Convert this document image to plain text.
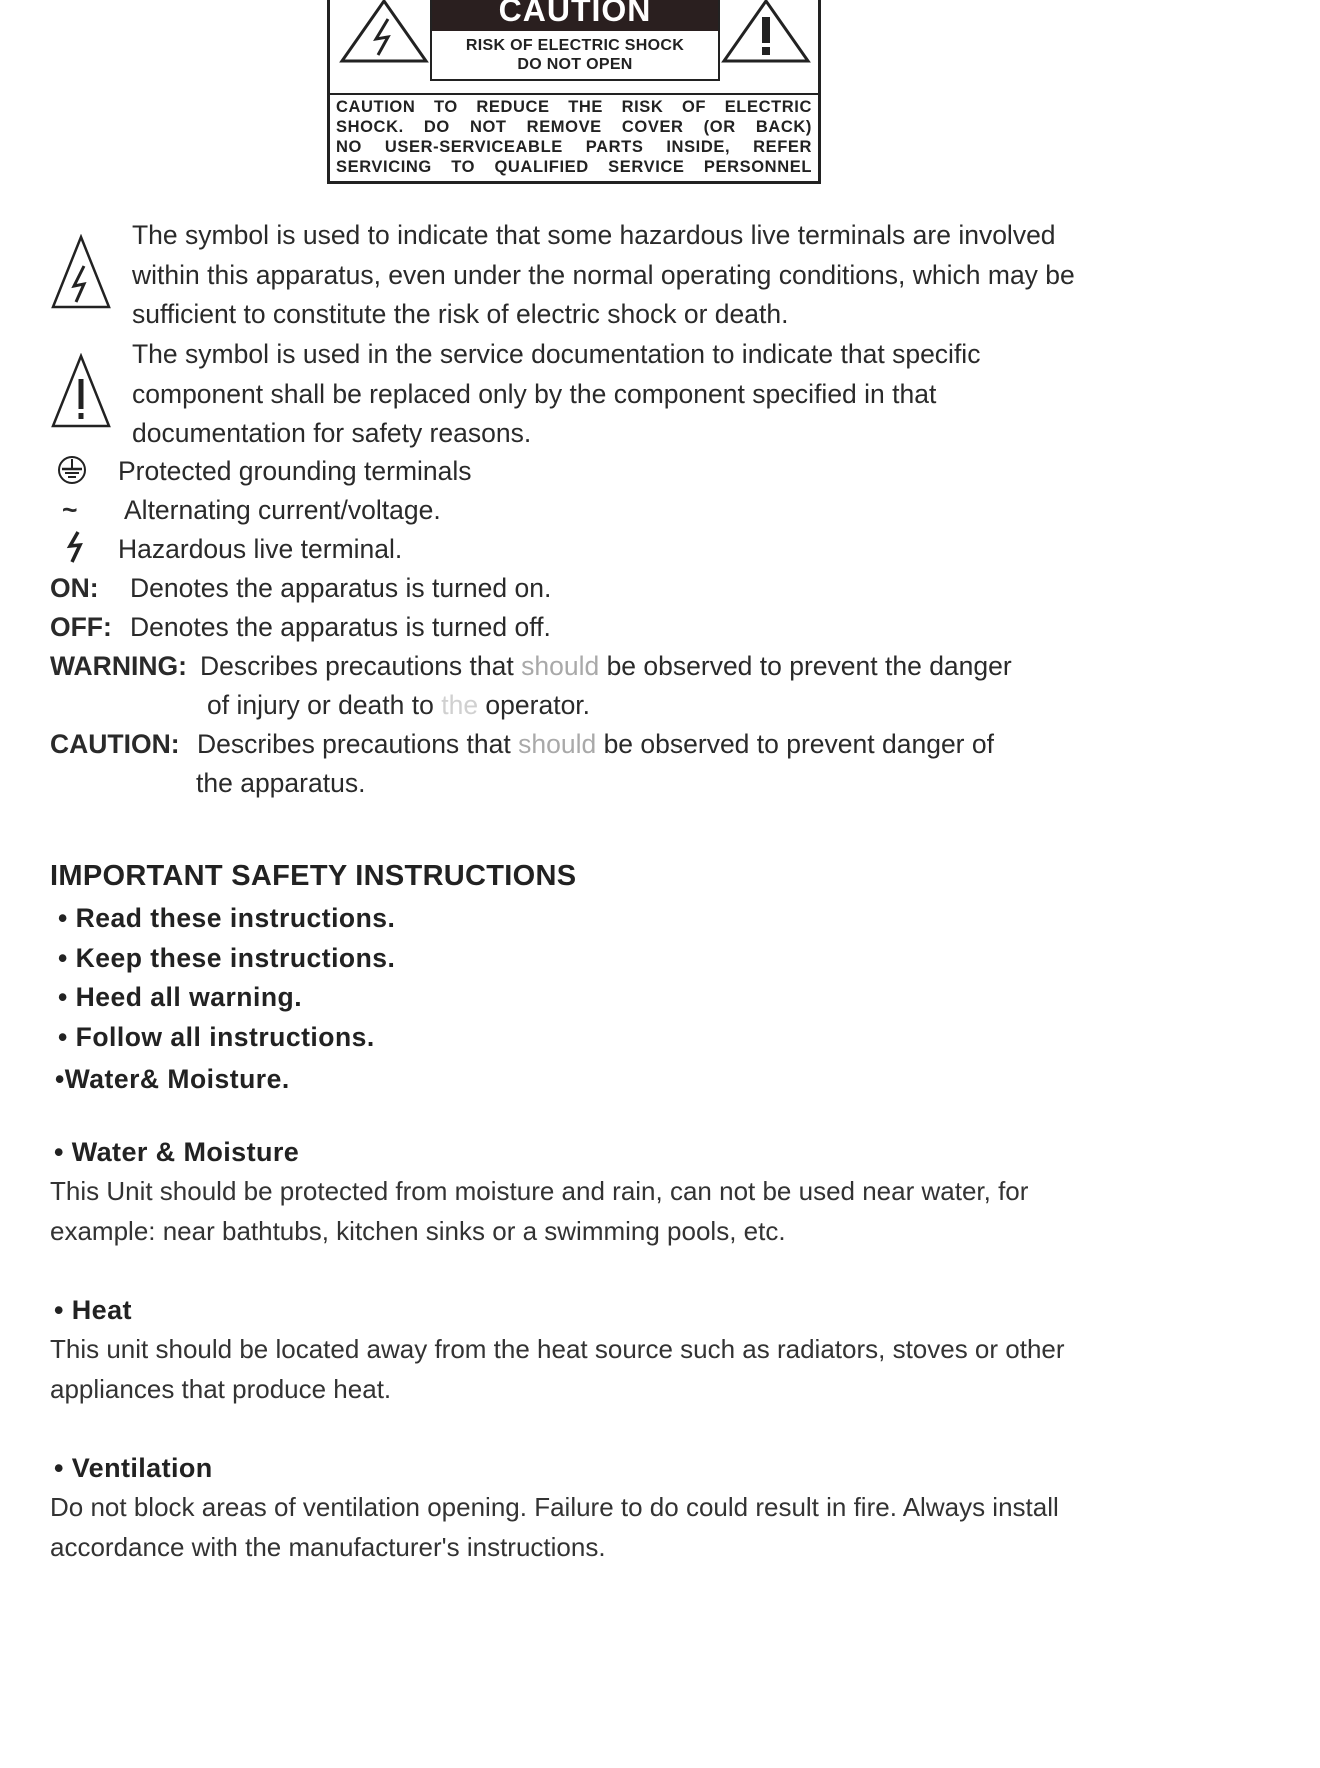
CAUTION
RISK OF ELECTRIC SHOCK
DO NOT OPEN
CAUTION TO REDUCE THE RISK OF ELECTRIC
SHOCK. DO NOT REMOVE COVER (OR BACK)
NO USER-SERVICEABLE PARTS INSIDE, REFER
SERVICING TO QUALIFIED SERVICE PERSONNEL
The symbol is used to indicate that some hazardous live terminals are involved
within this apparatus, even under the normal operating conditions, which may be
sufficient to constitute the risk of electric shock or death.
The symbol is used in the service documentation to indicate that specific
component shall be replaced only by the component specified in that
documentation for safety reasons.
Protected grounding terminals
~ Alternating current/voltage.
Hazardous live terminal.
ON: Denotes the apparatus is turned on.
OFF: Denotes the apparatus is turned off.
WARNING: Describes precautions that should be observed to prevent the danger
of injury or death to the operator.
CAUTION: Describes precautions that should be observed to prevent danger of
the apparatus.
IMPORTANT SAFETY INSTRUCTIONS
• Read these instructions.
• Keep these instructions.
• Heed all warning.
• Follow all instructions.
•Water& Moisture.
• Water & Moisture
This Unit should be protected from moisture and rain, can not be used near water, for
example: near bathtubs, kitchen sinks or a swimming pools, etc.
• Heat
This unit should be located away from the heat source such as radiators, stoves or other
appliances that produce heat.
• Ventilation
Do not block areas of ventilation opening. Failure to do could result in fire. Always install
accordance with the manufacturer's instructions.
